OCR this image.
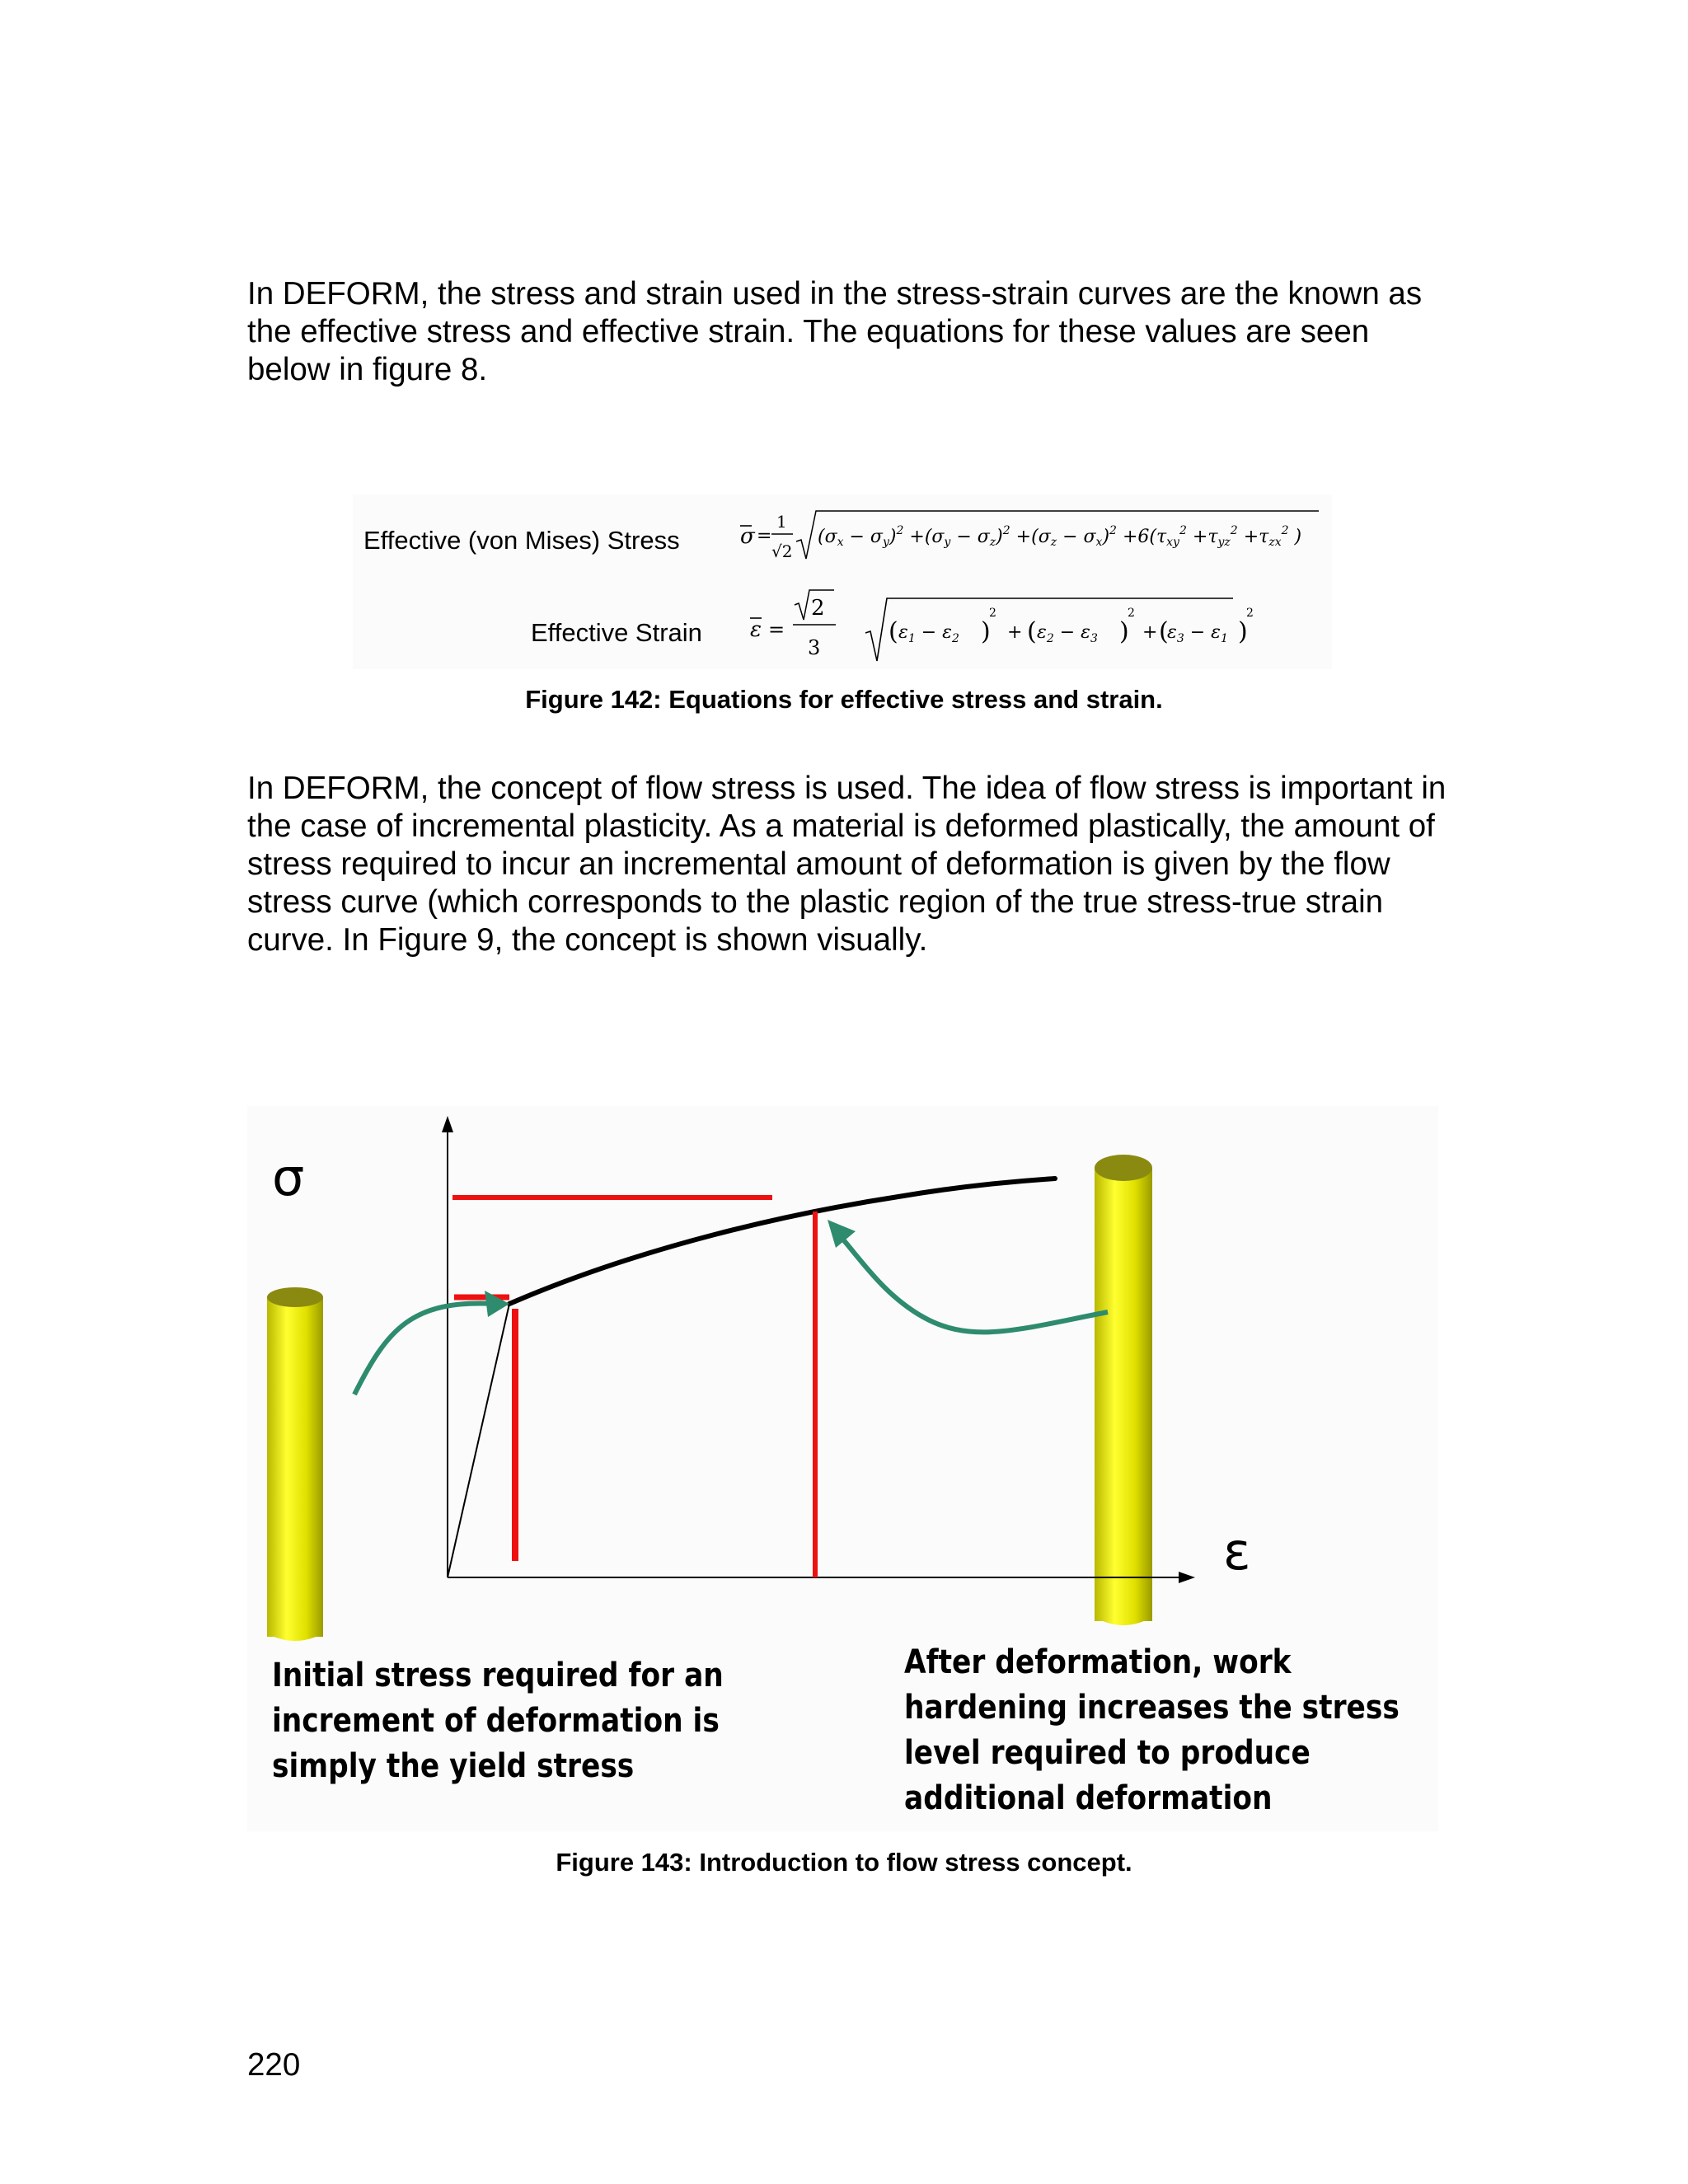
In DEFORM, the stress and strain used in the stress-strain curves are the known as the effective stress and effective strain. The equations for these values are seen below in figure 8.

Effective (von Mises) Stress
Effective Strain
σ =
1
√2
$(\sigma x - \sigma y)^2 +(\sigma y - \sigma z)^2 +(\sigma z - \sigma x)^2 +6(\tau xy^2 +\tau yz^2 +\tau zx^2$ )
ε =
2
3
( $\varepsilon_1 - \varepsilon_2$ )
2
+ ( $\varepsilon_2 - \varepsilon_3$ )
2
+ (
$\varepsilon_3 - \varepsilon_1$ )
2
Figure 142: Equations for effective stress and strain.

In DEFORM, the concept of flow stress is used. The idea of flow stress is important in the case of incremental plasticity. As a material is deformed plastically, the amount of stress required to incur an incremental amount of deformation is given by the flow stress curve (which corresponds to the plastic region of the true stress-true strain curve. In Figure 9, the concept is shown visually.

σ
ε

Initial stress required for an increment of deformation is simply the yield stress

After deformation, work hardening increases the stress level required to produce additional deformation

Figure 143: Introduction to flow stress concept.
220
